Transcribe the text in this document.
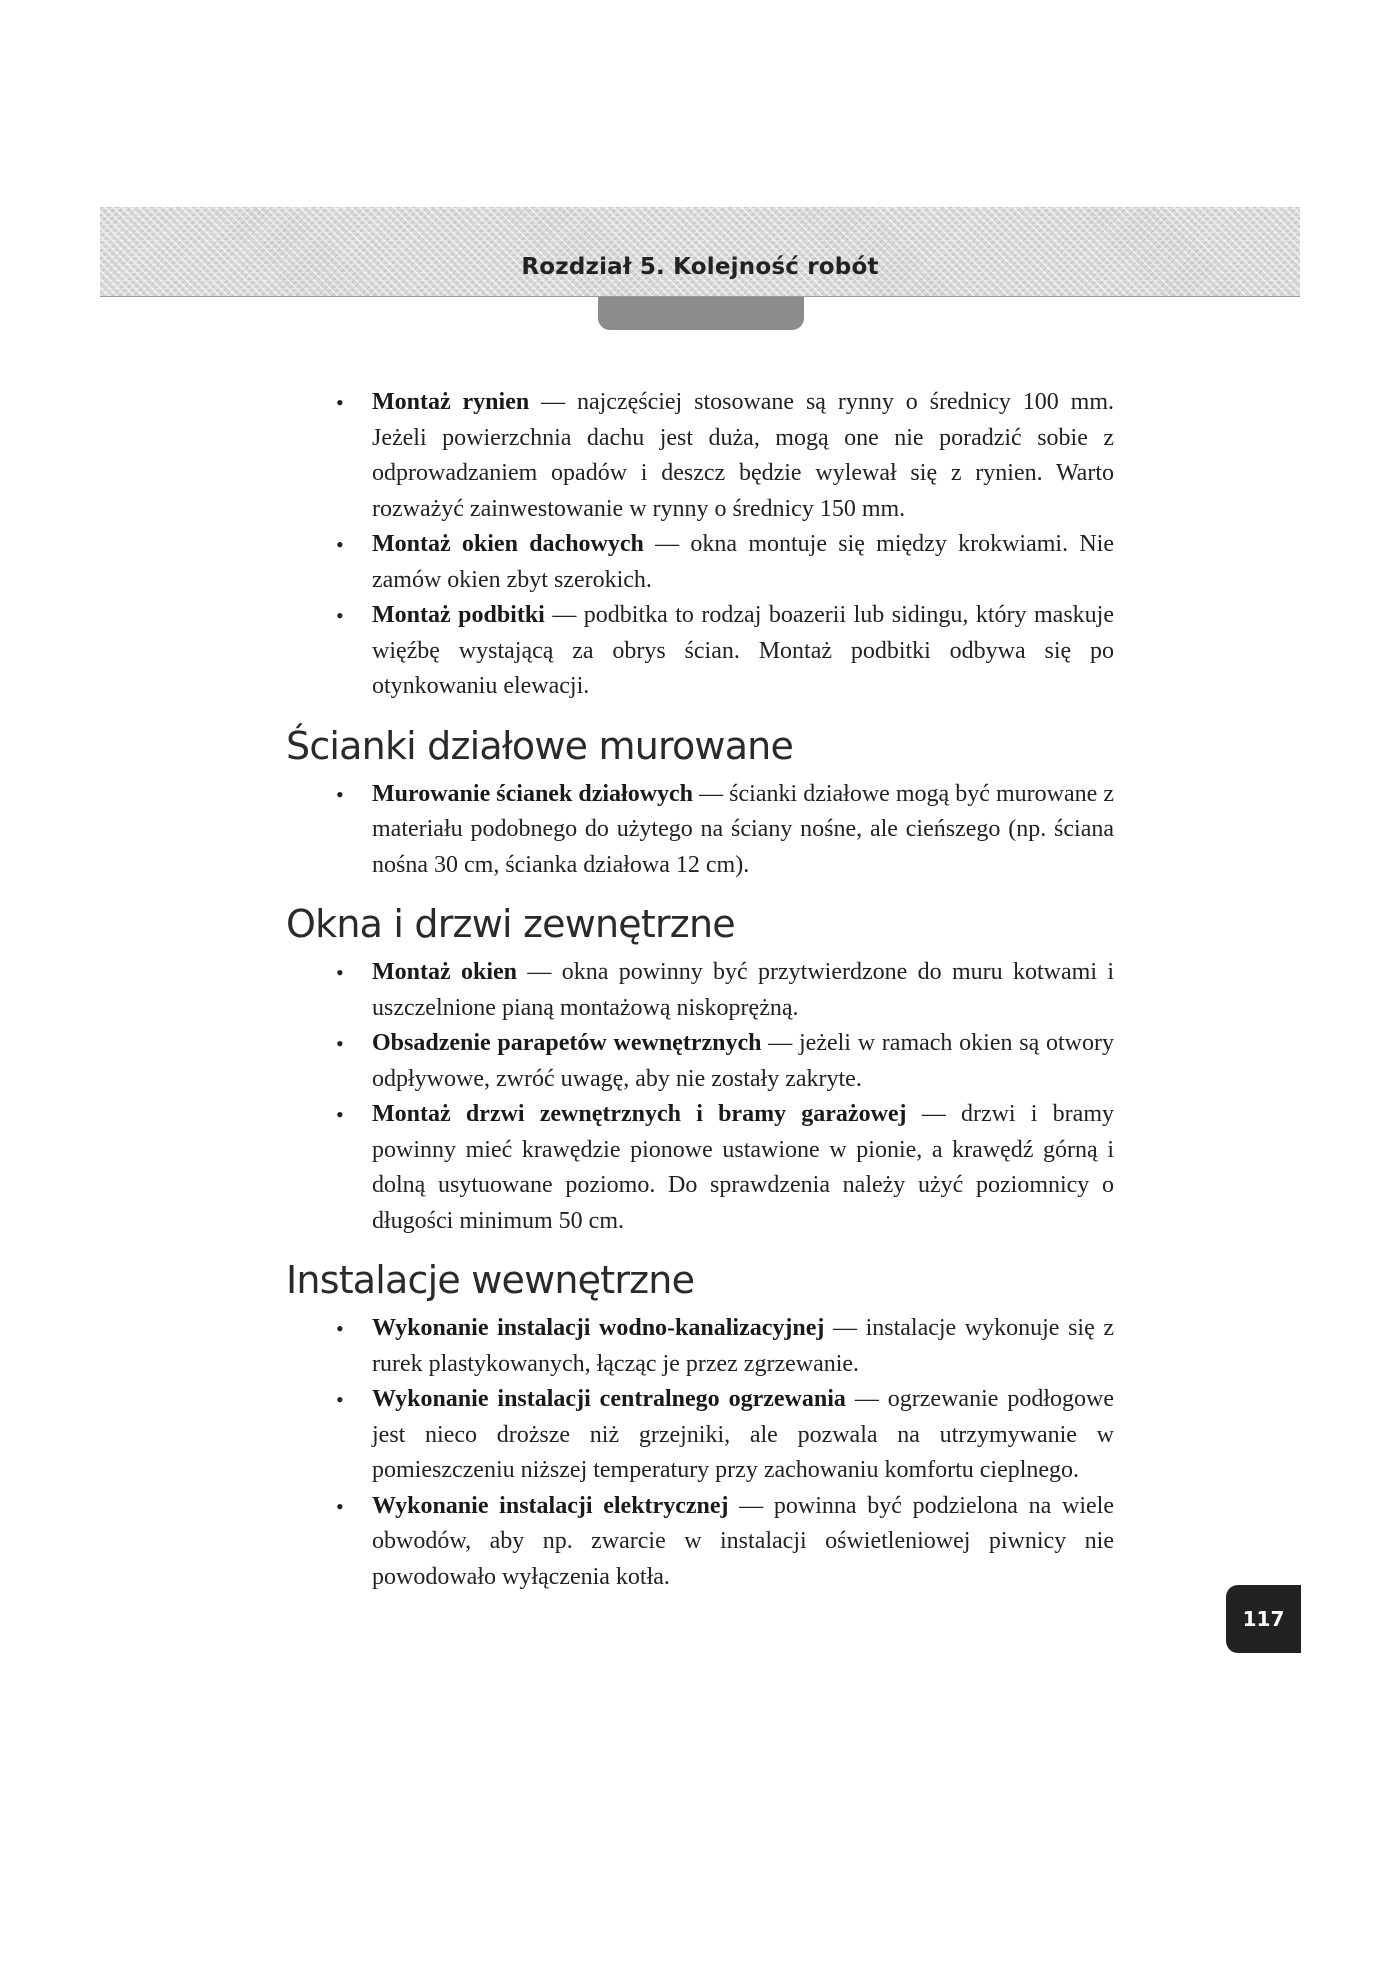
Rozdział 5. Kolejność robót
• Montaż rynien — najczęściej stosowane są rynny o średnicy 100 mm. Jeżeli powierzchnia dachu jest duża, mogą one nie poradzić sobie z odprowadzaniem opadów i deszcz będzie wylewał się z rynien. Warto rozważyć zainwestowanie w rynny o średnicy 150 mm.
• Montaż okien dachowych — okna montuje się między krokwiami. Nie zamów okien zbyt szerokich.
• Montaż podbitki — podbitka to rodzaj boazerii lub sidingu, który maskuje więźbę wystającą za obrys ścian. Montaż podbitki odbywa się po otynkowaniu elewacji.
Ścianki działowe murowane
• Murowanie ścianek działowych — ścianki działowe mogą być murowane z materiału podobnego do użytego na ściany nośne, ale cieńszego (np. ściana nośna 30 cm, ścianka działowa 12 cm).
Okna i drzwi zewnętrzne
• Montaż okien — okna powinny być przytwierdzone do muru kotwami i uszczelnione pianą montażową niskoprężną.
• Obsadzenie parapetów wewnętrznych — jeżeli w ramach okien są otwory odpływowe, zwróć uwagę, aby nie zostały zakryte.
• Montaż drzwi zewnętrznych i bramy garażowej — drzwi i bramy powinny mieć krawędzie pionowe ustawione w pionie, a krawędź górną i dolną usytuowane poziomo. Do sprawdzenia należy użyć poziomnicy o długości minimum 50 cm.
Instalacje wewnętrzne
• Wykonanie instalacji wodno-kanalizacyjnej — instalacje wykonuje się z rurek plastykowanych, łącząc je przez zgrzewanie.
• Wykonanie instalacji centralnego ogrzewania — ogrzewanie podłogowe jest nieco droższe niż grzejniki, ale pozwala na utrzymywanie w pomieszczeniu niższej temperatury przy zachowaniu komfortu cieplnego.
• Wykonanie instalacji elektrycznej — powinna być podzielona na wiele obwodów, aby np. zwarcie w instalacji oświetleniowej piwnicy nie powodowało wyłączenia kotła.
117
